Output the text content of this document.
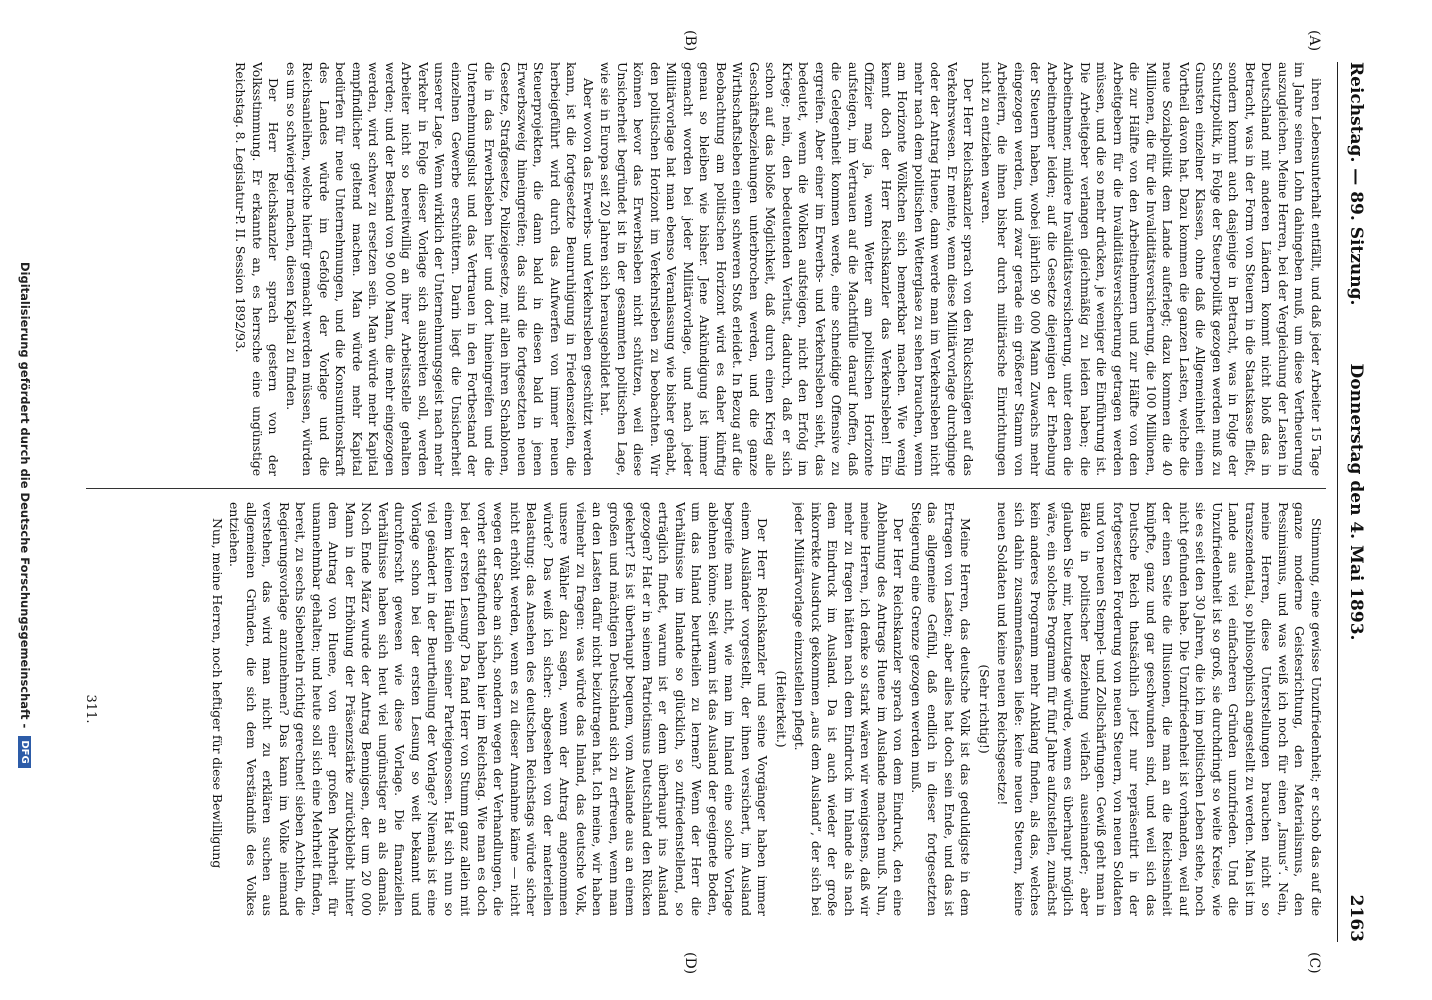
Reichstag. — 89. Sitzung.
Donnerstag den 4. Mai 1893.
2163
(A)
(B)
(C)
(D)

ihren Lebensunterhalt entfällt, und daß jeder Arbeiter 15 Tage im Jahre seinen Lohn dahingeben muß, um diese Vertheuerung auszugleichen. Meine Herren, bei der Vergleichung der Lasten in Deutschland mit anderen Ländern kommt nicht bloß das in Betracht, was in der Form von Steuern in die Staatskasse fließt, sondern kommt auch dasjenige in Betracht, was in Folge der Schutzpolitik, in Folge der Steuerpolitik gezogen werden muß zu Gunsten einzelner Klassen, ohne daß die Allgemeinheit einen Vortheil davon hat. Dazu kommen die ganzen Lasten, welche die neue Sozialpolitik dem Lande auferlegt; dazu kommen die 40 Millionen, die für die Invaliditätsversicherung, die 100 Millionen, die zur Hälfte von den Arbeitnehmern und zur Hälfte von den Arbeitgebern für die Invaliditätsversicherung getragen werden müssen, und die so mehr drücken, je weniger die Einführung ist. Die Arbeitgeber verlangen gleichmäßig zu leiden haben; die Arbeitnehmer, mildere Invaliditätsversicherung, unter denen die Arbeitnehmer leiden; auf die Gesetze diejenigen der Erhebung der Steuern haben, wobei jährlich 90 000 Mann Zuwachs mehr eingezogen werden, und zwar gerade ein größerer Stamm von Arbeitern, die ihnen bisher durch militärische Einrichtungen nicht zu entziehen waren.

Der Herr Reichskanzler sprach von den Rückschlägen auf das Verkehrswesen. Er meinte, wenn diese Militärvorlage durchginge oder der Antrag Huene, dann werde man im Verkehrsleben nicht mehr nach dem politischen Wetterglase zu sehen brauchen, wenn am Horizonte Wölkchen sich bemerkbar machen. Wie wenig kennt doch der Herr Reichskanzler das Verkehrsleben! Ein Offizier mag ja, wenn Wetter am politischen Horizonte aufsteigen, im Vertrauen auf die Machtfülle darauf hoffen, daß die Gelegenheit kommen werde, eine schneidige Offensive zu ergreifen. Aber einer im Erwerbs- und Verkehrsleben sieht, das bedeutet, wenn die Wolken aufsteigen, nicht den Erfolg im Kriege; nein, den bedeutenden Verlust, dadurch, daß er sich schon auf das bloße Möglichkeit, daß durch einen Krieg alle Geschäftsbeziehungen unterbrochen werden, und die ganze Wirthschaftsleben einen schweren Stoß erleidet. In Bezug auf die Beobachtung am politischen Horizont wird es daher künftig genau so bleiben wie bisher. Jene Ankündigung ist immer gemacht worden bei jeder Militärvorlage, und nach jeder Militärvorlage hat man ebenso Veranlassung wie bisher gehabt, den politischen Horizont im Verkehrsleben zu beobachten. Wir können bevor das Erwerbsleben nicht schützen, weil diese Unsicherheit begründet ist in der gesammten politischen Lage, wie sie in Europa seit 20 Jahren sich herausgebildet hat.

Aber wovon das Erwerbs- und Verkehrsleben geschützt werden kann, ist die fortgesetzte Beunruhigung in Friedenszeiten, die herbeigeführt wird durch das Aufwerfen von immer neuen Steuerprojekten, die dann bald in diesen bald in jenen Erwerbszweig hineingreifen; das sind die fortgesetzten neuen Gesetze, Strafgesetze, Polizeigesetze, mit allen ihren Schablonen, die in das Erwerbsleben hier und dort hineingreifen und die Unternehmungslust und das Vertrauen in den Fortbestand der einzelnen Gewerbe erschüttern. Darin liegt die Unsicherheit unserer Lage. Wenn wirklich der Unternehmungsgeist nach mehr Verkehr in Folge dieser Vorlage sich ausbreiten soll, werden Arbeiter nicht so bereitwillig an ihrer Arbeitsstelle gehalten werden; und der Bestand von 90 000 Mann, die mehr eingezogen werden, wird schwer zu ersetzen sein. Man würde mehr Kapital empfindlicher geltend machen. Man würde mehr Kapital bedürfen für neue Unternehmungen, und die Konsumtionskraft des Landes würde im Gefolge der Vorlage und die Reichsanleihen, welche hierfür gemacht werden müssen, würden es um so schwieriger machen, diesen Kapital zu finden.

Der Herr Reichskanzler sprach gestern von der Volksstimmung. Er erkannte an, es herrsche eine ungünstige Reichstag. 8. Legislatur-P. II. Session 1892/93.

Stimmung, eine gewisse Unzufriedenheit; er schob das auf die ganze moderne Geistesrichtung, den Materialismus, den Pessimismus, und was weiß ich noch für einen „Ismus“. Nein, meine Herren, diese Unterstellungen brauchen nicht so transzendental, so philosophisch angestellt zu werden. Man ist im Lande aus viel einfacheren Gründen unzufrieden. Und die Unzufriedenheit ist so groß, sie durchdringt so weite Kreise, wie sie es seit den 30 Jahren, die ich im politischen Leben stehe, noch nicht gefunden habe. Die Unzufriedenheit ist vorhanden, weil auf der einen Seite die Illusionen, die man an die Reichseinheit knüpfte, ganz und gar geschwunden sind, und weil sich das Deutsche Reich thatsächlich jetzt nur repräsentirt in der fortgesetzten Forderung von neuen Steuern, von neuen Soldaten und von neuen Stempel- und Zollschärfungen. Gewiß geht man in Bälde in politischer Beziehung vielfach auseinander; aber glauben Sie mir, heutzutage würde, wenn es überhaupt möglich wäre, ein solches Programm für fünf Jahre aufzustellen, zunächst kein anderes Programm mehr Anklang finden, als das, welches sich dahin zusammenfassen ließe: keine neuen Steuern, keine neuen Soldaten und keine neuen Reichsgesetze!

(Sehr richtig!)

Meine Herren, das deutsche Volk ist das geduldigste in dem Ertragen von Lasten; aber alles hat doch sein Ende, und das ist das allgemeine Gefühl, daß endlich in dieser fortgesetzten Steigerung eine Grenze gezogen werden muß.

Der Herr Reichskanzler sprach von dem Eindruck, den eine Ablehnung des Antrags Huene im Auslande machen muß. Nun, meine Herren, ich denke so stark wären wir wenigstens, daß wir mehr zu fragen hätten nach dem Eindruck im Inlande als nach dem Eindruck im Ausland. Da ist auch wieder der große inkorrekte Ausdruck gekommen „aus dem Ausland“, der sich bei jeder Militärvorlage einzustellen pflegt.

(Heiterkeit.)

Der Herr Reichskanzler und seine Vorgänger haben immer einem Ausländer vorgestellt, der ihnen versichert, im Ausland begreife man nicht, wie man im Inland eine solche Vorlage ablehnen könne. Seit wann ist das Ausland der geeignete Boden, um das Inland beurtheilen zu lernen? Wenn der Herr die Verhältnisse im Inlande so glücklich, so zufriedenstellend, so erträglich findet, warum ist er denn überhaupt ins Ausland gezogen? Hat er in seinem Patriotismus Deutschland den Rücken gekehrt? Es ist überhaupt bequem, vom Auslande aus an einem großen und mächtigen Deutschland sich zu erfreuen, wenn man an den Lasten dafür nicht beizutragen hat. Ich meine, wir haben vielmehr zu fragen: was würde das Inland, das deutsche Volk, unsere Wähler dazu sagen, wenn der Antrag angenommen würde? Das weiß ich sicher: abgesehen von der materiellen Belastung: das Ansehen des deutschen Reichstags würde sicher nicht erhöht werden, wenn es zu dieser Annahme käme — nicht wegen der Sache an sich, sondern wegen der Verhandlungen, die vorher stattgefunden haben hier im Reichstag. Wie man es doch bei der ersten Lesung? Da fand Herr von Stumm ganz allein mit einem kleinen Häuflein seiner Parteigenossen. Hat sich nun so viel geändert in der Beurtheilung der Vorlage? Niemals ist eine Vorlage schon bei der ersten Lesung so weit bekannt und durchforscht gewesen wie diese Vorlage. Die finanziellen Verhältnisse haben sich heut viel ungünstiger an als damals. Noch Ende März wurde der Antrag Bennigsen, der um 20 000 Mann in der Erhöhung der Präsenzstärke zurückbleibt hinter dem Antrag von Huene, von einer großen Mehrheit für unannehmbar gehalten; und heute soll sich eine Mehrheit finden, bereit, zu sechs Siebenteln richtig gerechnet! sieben Achteln, die Regierungsvorlage anzunehmen? Das kann im Volke niemand verstehen, das wird man nicht zu erklären suchen aus allgemeinen Gründen, die sich dem Verständniß des Volkes entziehen.

Nun, meine Herren, noch heftiger für diese Bewilligung

311.
Digitalisierung gefördert durch die Deutsche Forschungsgemeinschaft - DFG
